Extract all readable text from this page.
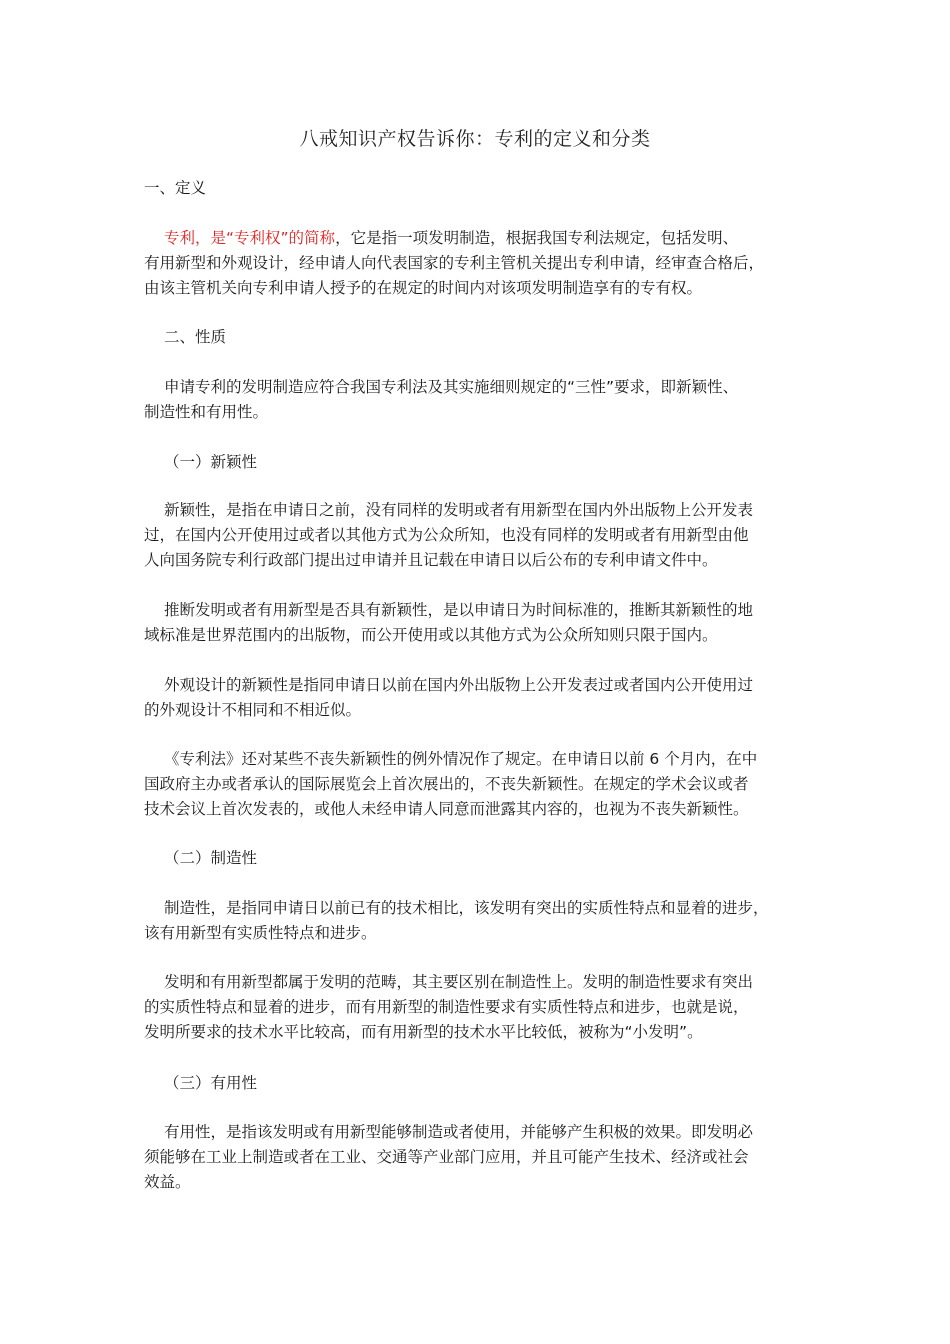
八戒知识产权告诉你：专利的定义和分类
一、定义
专利，是“专利权”的简称，它是指一项发明制造，根据我国专利法规定，包括发明、
有用新型和外观设计，经申请人向代表国家的专利主管机关提出专利申请，经审查合格后，
由该主管机关向专利申请人授予的在规定的时间内对该项发明制造享有的专有权。
二、性质
申请专利的发明制造应符合我国专利法及其实施细则规定的“三性”要求，即新颖性、
制造性和有用性。
（一）新颖性
新颖性，是指在申请日之前，没有同样的发明或者有用新型在国内外出版物上公开发表
过，在国内公开使用过或者以其他方式为公众所知，也没有同样的发明或者有用新型由他
人向国务院专利行政部门提出过申请并且记载在申请日以后公布的专利申请文件中。
推断发明或者有用新型是否具有新颖性，是以申请日为时间标准的，推断其新颖性的地
域标准是世界范围内的出版物，而公开使用或以其他方式为公众所知则只限于国内。
外观设计的新颖性是指同申请日以前在国内外出版物上公开发表过或者国内公开使用过
的外观设计不相同和不相近似。
《专利法》还对某些不丧失新颖性的例外情况作了规定。在申请日以前 6 个月内，在中
国政府主办或者承认的国际展览会上首次展出的，不丧失新颖性。在规定的学术会议或者
技术会议上首次发表的，或他人未经申请人同意而泄露其内容的，也视为不丧失新颖性。
（二）制造性
制造性，是指同申请日以前已有的技术相比，该发明有突出的实质性特点和显着的进步，
该有用新型有实质性特点和进步。
发明和有用新型都属于发明的范畴，其主要区别在制造性上。发明的制造性要求有突出
的实质性特点和显着的进步，而有用新型的制造性要求有实质性特点和进步，也就是说，
发明所要求的技术水平比较高，而有用新型的技术水平比较低，被称为“小发明”。
（三）有用性
有用性，是指该发明或有用新型能够制造或者使用，并能够产生积极的效果。即发明必
须能够在工业上制造或者在工业、交通等产业部门应用，并且可能产生技术、经济或社会
效益。
